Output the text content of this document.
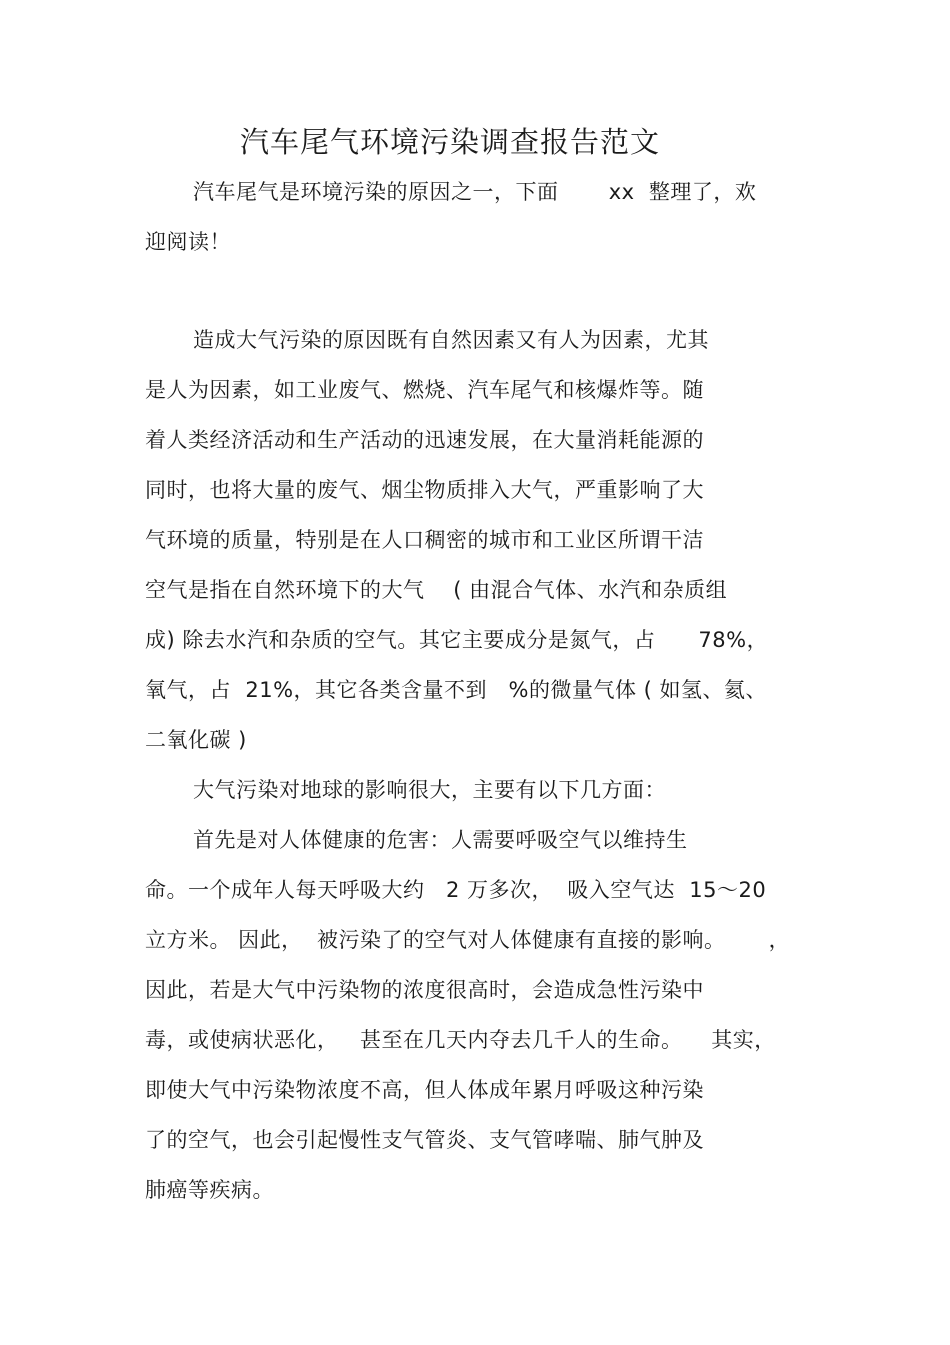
汽车尾气环境污染调查报告范文
汽车尾气是环境污染的原因之一，下面       xx  整理了，欢
迎阅读！
造成大气污染的原因既有自然因素又有人为因素，尤其
是人为因素，如工业废气、燃烧、汽车尾气和核爆炸等。随
着人类经济活动和生产活动的迅速发展，在大量消耗能源的
同时，也将大量的废气、烟尘物质排入大气，严重影响了大
气环境的质量，特别是在人口稠密的城市和工业区所谓干洁
空气是指在自然环境下的大气    ( 由混合气体、水汽和杂质组
成) 除去水汽和杂质的空气。其它主要成分是氮气，占      78%，
氧气，占  21%，其它各类含量不到   %的微量气体 ( 如氢、氦、
二氧化碳 )
大气污染对地球的影响很大，主要有以下几方面：
首先是对人体健康的危害：人需要呼吸空气以维持生
命。一个成年人每天呼吸大约   2 万多次，  吸入空气达  15～20
立方米。 因此，  被污染了的空气对人体健康有直接的影响。      ，
因此，若是大气中污染物的浓度很高时，会造成急性污染中
毒，或使病状恶化，   甚至在几天内夺去几千人的生命。    其实，
即使大气中污染物浓度不高，但人体成年累月呼吸这种污染
了的空气，也会引起慢性支气管炎、支气管哮喘、肺气肿及
肺癌等疾病。
